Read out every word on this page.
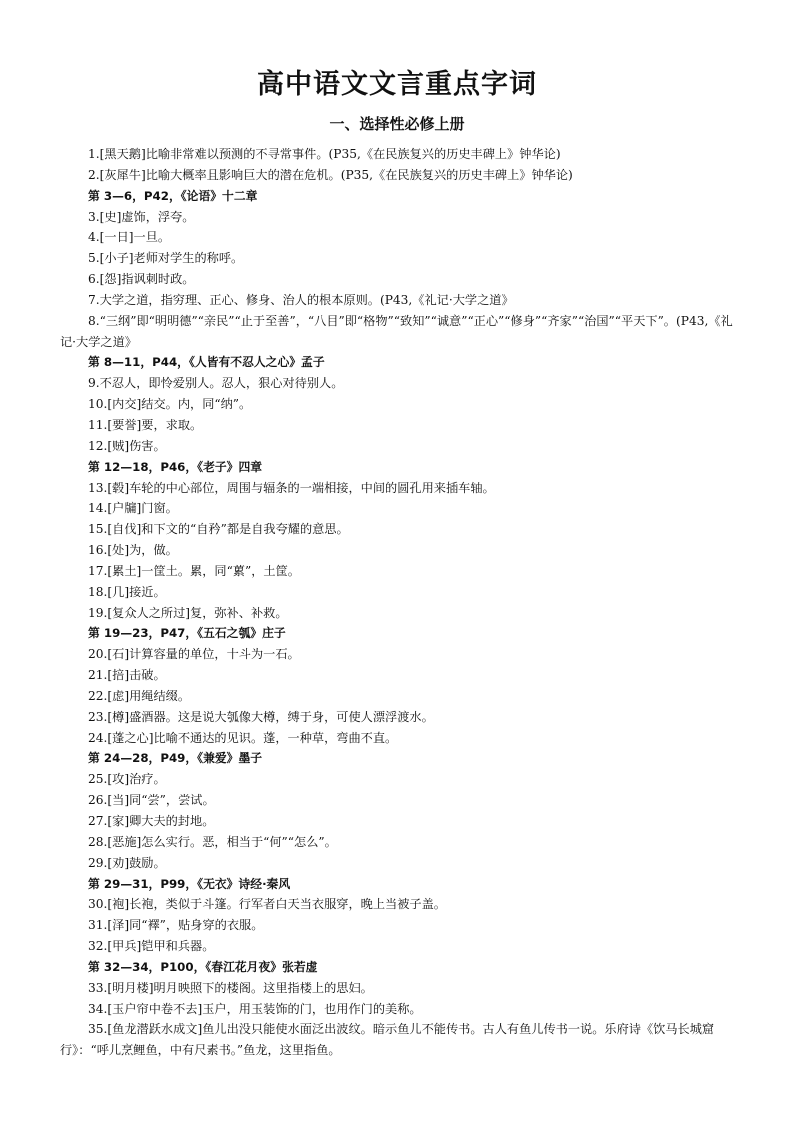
高中语文文言重点字词
一、选择性必修上册
1.[黑天鹅]比喻非常难以预测的不寻常事件。(P35,《在民族复兴的历史丰碑上》钟华论)
2.[灰犀牛]比喻大概率且影响巨大的潜在危机。(P35,《在民族复兴的历史丰碑上》钟华论)
第 3—6，P42，《论语》十二章
3.[史]虚饰，浮夸。
4.[一日]一旦。
5.[小子]老师对学生的称呼。
6.[怨]指讽刺时政。
7.大学之道，指穷理、正心、修身、治人的根本原则。(P43,《礼记·大学之道》
8.“三纲”即“明明德”“亲民”“止于至善”，“八目”即“格物”“致知”“诚意”“正心”“修身”“齐家”“治国”“平天下”。(P43,《礼记·大学之道》
第 8—11，P44，《人皆有不忍人之心》孟子
9.不忍人，即怜爱别人。忍人，狠心对待别人。
10.[内交]结交。内，同“纳”。
11.[要誉]要，求取。
12.[贼]伤害。
第 12—18，P46，《老子》四章
13.[毂]车轮的中心部位，周围与辐条的一端相接，中间的圆孔用来插车轴。
14.[户牖]门窗。
15.[自伐]和下文的“自矜”都是自我夸耀的意思。
16.[处]为，做。
17.[累土]一筐土。累，同“蔂”，土筐。
18.[几]接近。
19.[复众人之所过]复，弥补、补救。
第 19—23，P47，《五石之瓠》庄子
20.[石]计算容量的单位，十斗为一石。
21.[掊]击破。
22.[虑]用绳结缀。
23.[樽]盛酒器。这是说大瓠像大樽，缚于身，可使人漂浮渡水。
24.[蓬之心]比喻不通达的见识。蓬，一种草，弯曲不直。
第 24—28，P49，《兼爱》墨子
25.[攻]治疗。
26.[当]同“尝”，尝试。
27.[家]卿大夫的封地。
28.[恶施]怎么实行。恶，相当于“何”“怎么”。
29.[劝]鼓励。
第 29—31，P99，《无衣》诗经·秦风
30.[袍]长袍，类似于斗篷。行军者白天当衣服穿，晚上当被子盖。
31.[泽]同“襗”，贴身穿的衣服。
32.[甲兵]铠甲和兵器。
第 32—34，P100，《春江花月夜》张若虚
33.[明月楼]明月映照下的楼阁。这里指楼上的思妇。
34.[玉户帘中卷不去]玉户，用玉装饰的门，也用作门的美称。
35.[鱼龙潜跃水成文]鱼儿出没只能使水面泛出波纹。暗示鱼儿不能传书。古人有鱼儿传书一说。乐府诗《饮马长城窟行》：“呼儿烹鲤鱼，中有尺素书。”鱼龙，这里指鱼。
